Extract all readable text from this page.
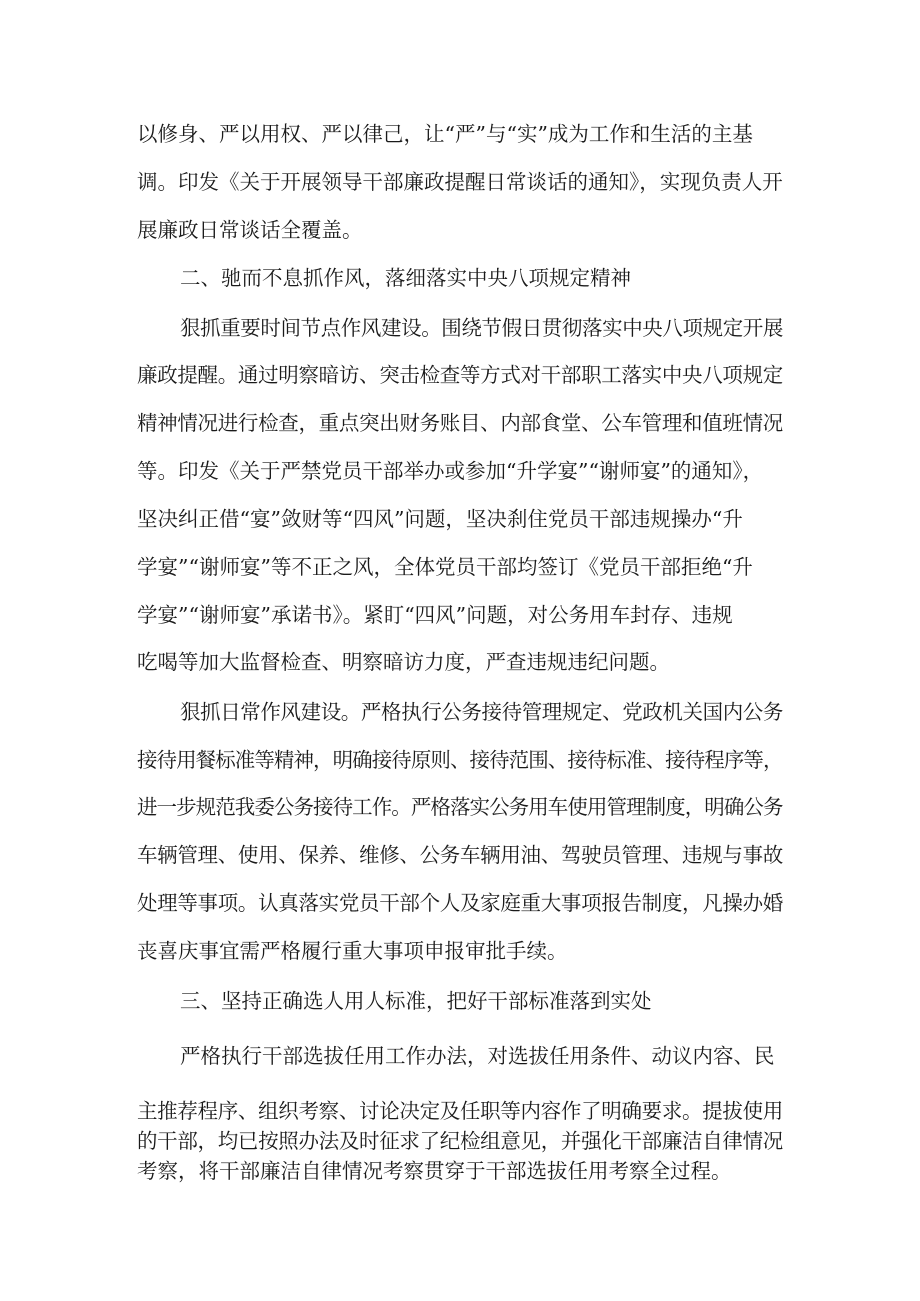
以修身、严以用权、严以律己，让“严”与“实”成为工作和生活的主基
调。印发《关于开展领导干部廉政提醒日常谈话的通知》，实现负责人开
展廉政日常谈话全覆盖。
二、驰而不息抓作风，落细落实中央八项规定精神
狠抓重要时间节点作风建设。围绕节假日贯彻落实中央八项规定开展
廉政提醒。通过明察暗访、突击检查等方式对干部职工落实中央八项规定
精神情况进行检查，重点突出财务账目、内部食堂、公车管理和值班情况
等。印发《关于严禁党员干部举办或参加“升学宴”“谢师宴”的通知》，
坚决纠正借“宴”敛财等“四风”问题，坚决刹住党员干部违规操办“升
学宴”“谢师宴”等不正之风，全体党员干部均签订《党员干部拒绝“升
学宴”“谢师宴”承诺书》。紧盯“四风”问题，对公务用车封存、违规
吃喝等加大监督检查、明察暗访力度，严查违规违纪问题。
狠抓日常作风建设。严格执行公务接待管理规定、党政机关国内公务
接待用餐标准等精神，明确接待原则、接待范围、接待标准、接待程序等，
进一步规范我委公务接待工作。严格落实公务用车使用管理制度，明确公务
车辆管理、使用、保养、维修、公务车辆用油、驾驶员管理、违规与事故
处理等事项。认真落实党员干部个人及家庭重大事项报告制度，凡操办婚
丧喜庆事宜需严格履行重大事项申报审批手续。
三、坚持正确选人用人标准，把好干部标准落到实处
严格执行干部选拔任用工作办法，对选拔任用条件、动议内容、民
主推荐程序、组织考察、讨论决定及任职等内容作了明确要求。提拔使用
的干部，均已按照办法及时征求了纪检组意见，并强化干部廉洁自律情况
考察，将干部廉洁自律情况考察贯穿于干部选拔任用考察全过程。
